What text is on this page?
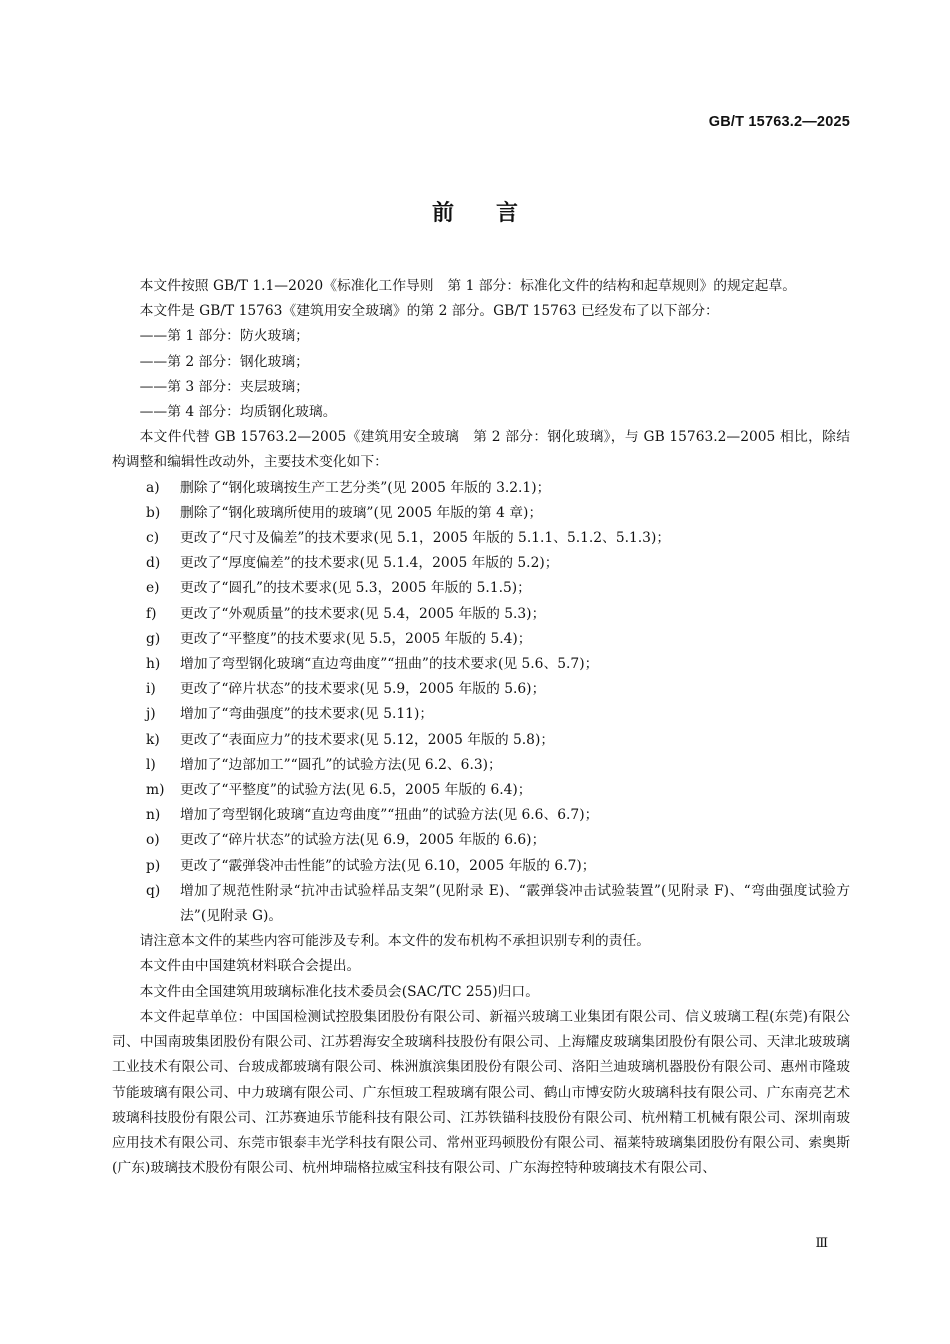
GB/T 15763.2—2025
前言

本文件按照 GB/T 1.1—2020《标准化工作导则　第 1 部分：标准化文件的结构和起草规则》的规定起草。

本文件是 GB/T 15763《建筑用安全玻璃》的第 2 部分。GB/T 15763 已经发布了以下部分：

——第 1 部分：防火玻璃；

——第 2 部分：钢化玻璃；

——第 3 部分：夹层玻璃；

——第 4 部分：均质钢化玻璃。

本文件代替 GB 15763.2—2005《建筑用安全玻璃　第 2 部分：钢化玻璃》，与 GB 15763.2—2005 相比，除结构调整和编辑性改动外，主要技术变化如下：

a) 删除了“钢化玻璃按生产工艺分类”(见 2005 年版的 3.2.1)；

b) 删除了“钢化玻璃所使用的玻璃”(见 2005 年版的第 4 章)；

c) 更改了“尺寸及偏差”的技术要求(见 5.1，2005 年版的 5.1.1、5.1.2、5.1.3)；

d) 更改了“厚度偏差”的技术要求(见 5.1.4，2005 年版的 5.2)；

e) 更改了“圆孔”的技术要求(见 5.3，2005 年版的 5.1.5)；

f) 更改了“外观质量”的技术要求(见 5.4，2005 年版的 5.3)；

g) 更改了“平整度”的技术要求(见 5.5，2005 年版的 5.4)；

h) 增加了弯型钢化玻璃“直边弯曲度”“扭曲”的技术要求(见 5.6、5.7)；

i) 更改了“碎片状态”的技术要求(见 5.9，2005 年版的 5.6)；

j) 增加了“弯曲强度”的技术要求(见 5.11)；

k) 更改了“表面应力”的技术要求(见 5.12，2005 年版的 5.8)；

l) 增加了“边部加工”“圆孔”的试验方法(见 6.2、6.3)；

m) 更改了“平整度”的试验方法(见 6.5，2005 年版的 6.4)；

n) 增加了弯型钢化玻璃“直边弯曲度”“扭曲”的试验方法(见 6.6、6.7)；

o) 更改了“碎片状态”的试验方法(见 6.9，2005 年版的 6.6)；

p) 更改了“霰弹袋冲击性能”的试验方法(见 6.10，2005 年版的 6.7)；

q) 增加了规范性附录“抗冲击试验样品支架”(见附录 E)、“霰弹袋冲击试验装置”(见附录 F)、“弯曲强度试验方法”(见附录 G)。

请注意本文件的某些内容可能涉及专利。本文件的发布机构不承担识别专利的责任。

本文件由中国建筑材料联合会提出。

本文件由全国建筑用玻璃标准化技术委员会(SAC/TC 255)归口。

本文件起草单位：中国国检测试控股集团股份有限公司、新福兴玻璃工业集团有限公司、信义玻璃工程(东莞)有限公司、中国南玻集团股份有限公司、江苏碧海安全玻璃科技股份有限公司、上海耀皮玻璃集团股份有限公司、天津北玻玻璃工业技术有限公司、台玻成都玻璃有限公司、株洲旗滨集团股份有限公司、洛阳兰迪玻璃机器股份有限公司、惠州市隆玻节能玻璃有限公司、中力玻璃有限公司、广东恒玻工程玻璃有限公司、鹤山市博安防火玻璃科技有限公司、广东南亮艺术玻璃科技股份有限公司、江苏赛迪乐节能科技有限公司、江苏铁锚科技股份有限公司、杭州精工机械有限公司、深圳南玻应用技术有限公司、东莞市银泰丰光学科技有限公司、常州亚玛顿股份有限公司、福莱特玻璃集团股份有限公司、索奥斯(广东)玻璃技术股份有限公司、杭州坤瑞格拉威宝科技有限公司、广东海控特种玻璃技术有限公司、

Ⅲ
